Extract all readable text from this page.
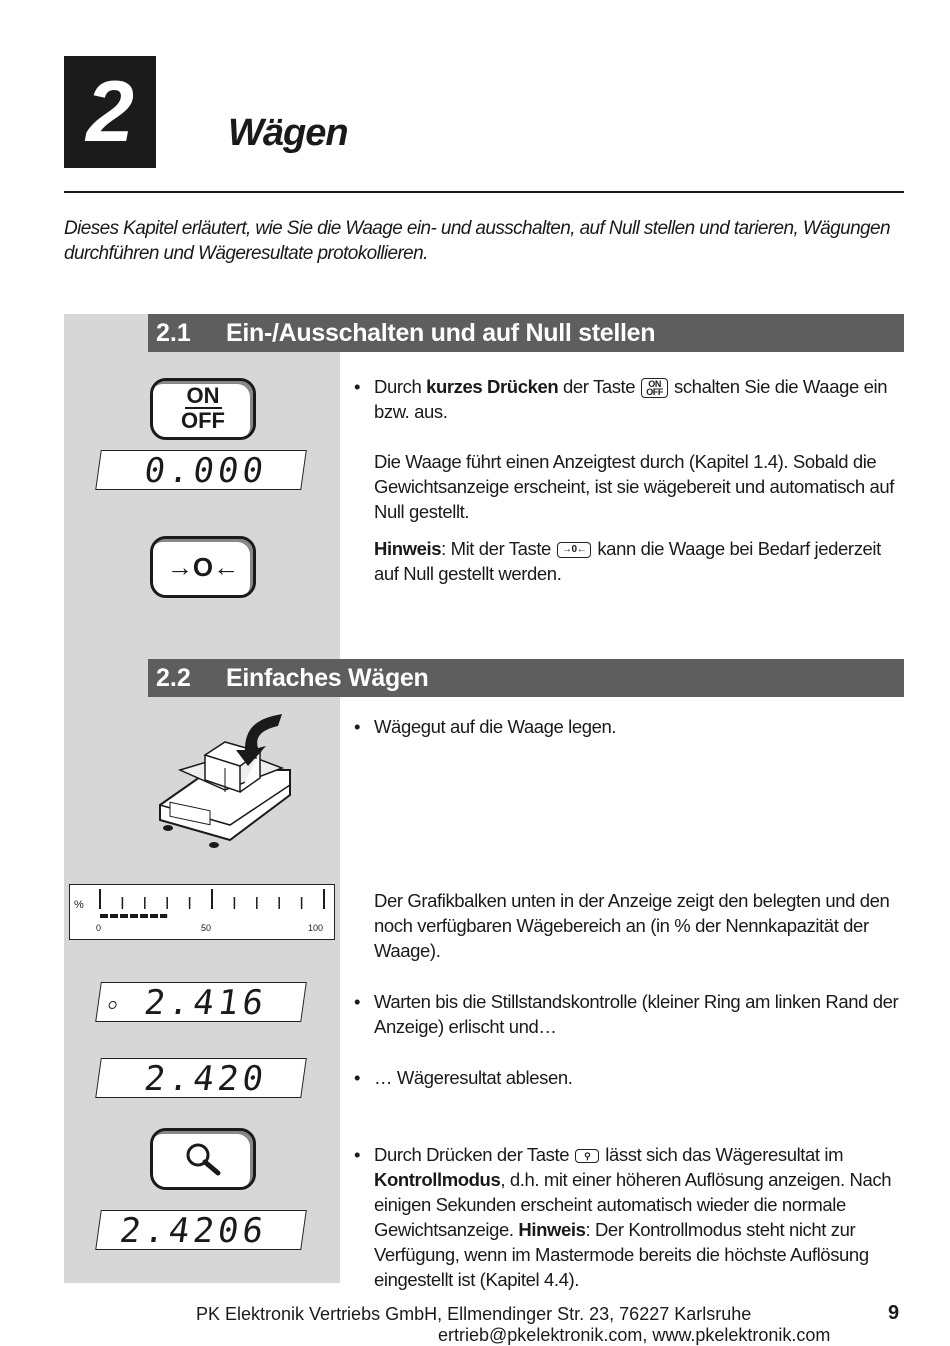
2	Wägen
Dieses Kapitel erläutert, wie Sie die Waage ein- und ausschalten, auf Null stellen und tarieren, Wägungen durchführen und Wägeresultate protokollieren.
2.1 Ein-/Ausschalten und auf Null stellen
ON
OFF
0.000
→O←

• Durch kurzes Drücken der Taste ON
OFF schalten Sie die Waage ein bzw. aus.

Die Waage führt einen Anzeigtest durch (Kapitel 1.4). Sobald die Gewichtsanzeige erscheint, ist sie wägebereit und automatisch auf Null gestellt.

Hinweis: Mit der Taste →0← kann die Waage bei Bedarf jederzeit auf Null gestellt werden.

2.2 Einfaches Wägen

• Wägegut auf die Waage legen.

%
0	50	100
Der Grafikbalken unten in der Anzeige zeigt den belegten und den noch verfügbaren Wägebereich an (in % der Nennkapazität der Waage).
2.416
2.420

• Warten bis die Stillstandskontrolle (kleiner Ring am linken Rand der Anzeige) erlischt und…

• … Wägeresultat ablesen.

2.4206

• Durch Drücken der Taste ⚲ lässt sich das Wägeresultat im Kontrollmodus, d.h. mit einer höheren Auflösung anzeigen. Nach einigen Sekunden erscheint automatisch wieder die normale Gewichtsanzeige. Hinweis: Der Kontrollmodus steht nicht zur Verfügung, wenn im Mastermode bereits die höchste Auflösung eingestellt ist (Kapitel 4.4).

PK Elektronik Vertriebs GmbH, Ellmendinger Str. 23, 76227 Karlsruhe
ertrieb@pkelektronik.com, www.pkelektronik.com
9
